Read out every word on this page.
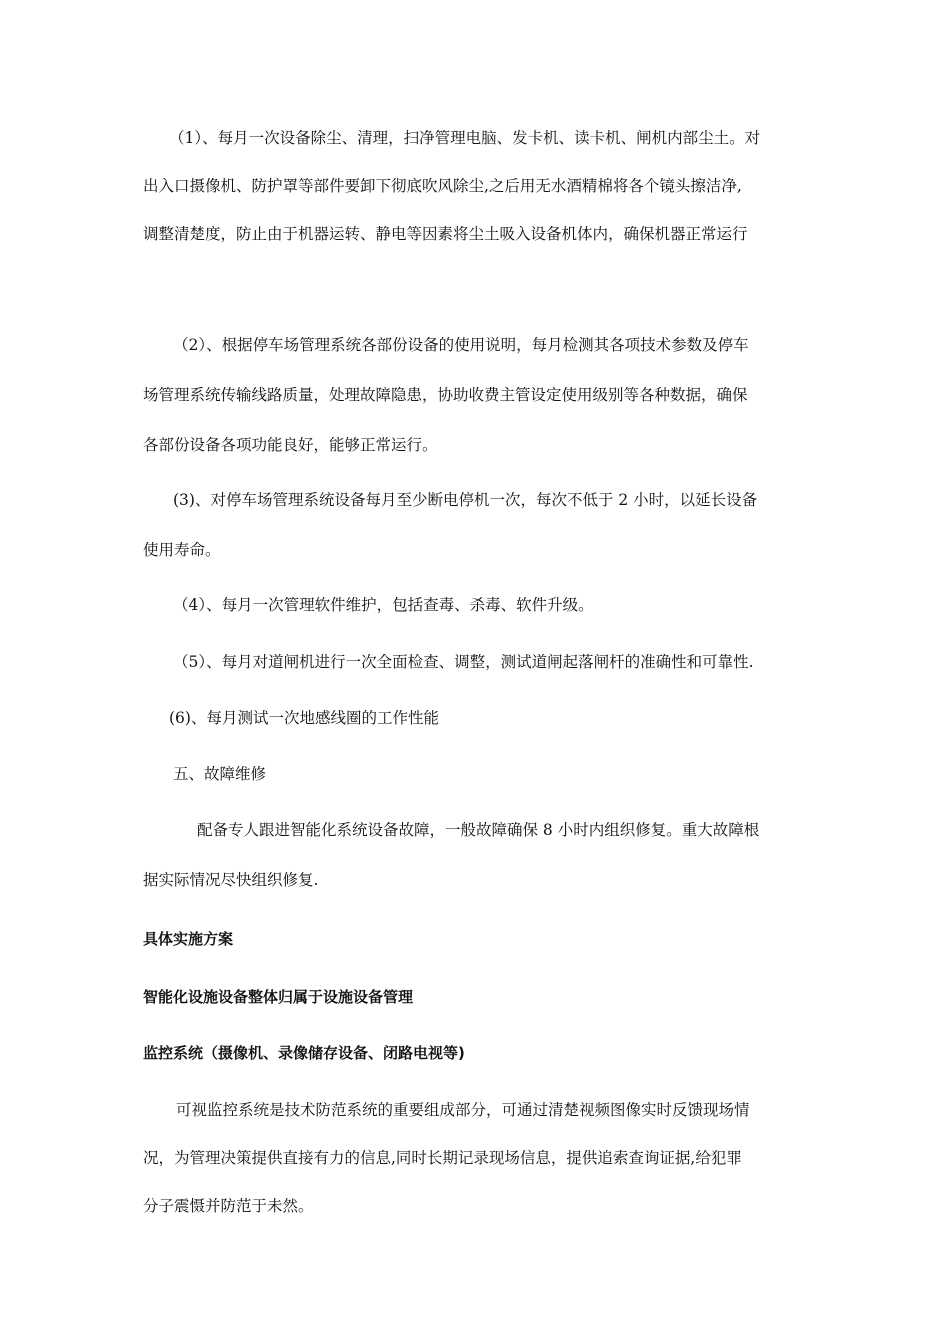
（1）、每月一次设备除尘、清理，扫净管理电脑、发卡机、读卡机、闸机内部尘土。对
出入口摄像机、防护罩等部件要卸下彻底吹风除尘,之后用无水酒精棉将各个镜头擦洁净,
调整清楚度，防止由于机器运转、静电等因素将尘土吸入设备机体内，确保机器正常运行
（2）、根据停车场管理系统各部份设备的使用说明，每月检测其各项技术参数及停车
场管理系统传输线路质量，处理故障隐患，协助收费主管设定使用级别等各种数据，确保
各部份设备各项功能良好，能够正常运行。
(3)、对停车场管理系统设备每月至少断电停机一次，每次不低于 2 小时，以延长设备
使用寿命。
（4）、每月一次管理软件维护，包括查毒、杀毒、软件升级。
（5）、每月对道闸机进行一次全面检查、调整，测试道闸起落闸杆的准确性和可靠性.
(6)、每月测试一次地感线圈的工作性能
五、故障维修
配备专人跟进智能化系统设备故障，一般故障确保 8 小时内组织修复。重大故障根
据实际情况尽快组织修复.
具体实施方案
智能化设施设备整体归属于设施设备管理
监控系统（摄像机、录像储存设备、闭路电视等)
可视监控系统是技术防范系统的重要组成部分，可通过清楚视频图像实时反馈现场情
况，为管理决策提供直接有力的信息,同时长期记录现场信息，提供追索查询证据,给犯罪
分子震慑并防范于未然。
